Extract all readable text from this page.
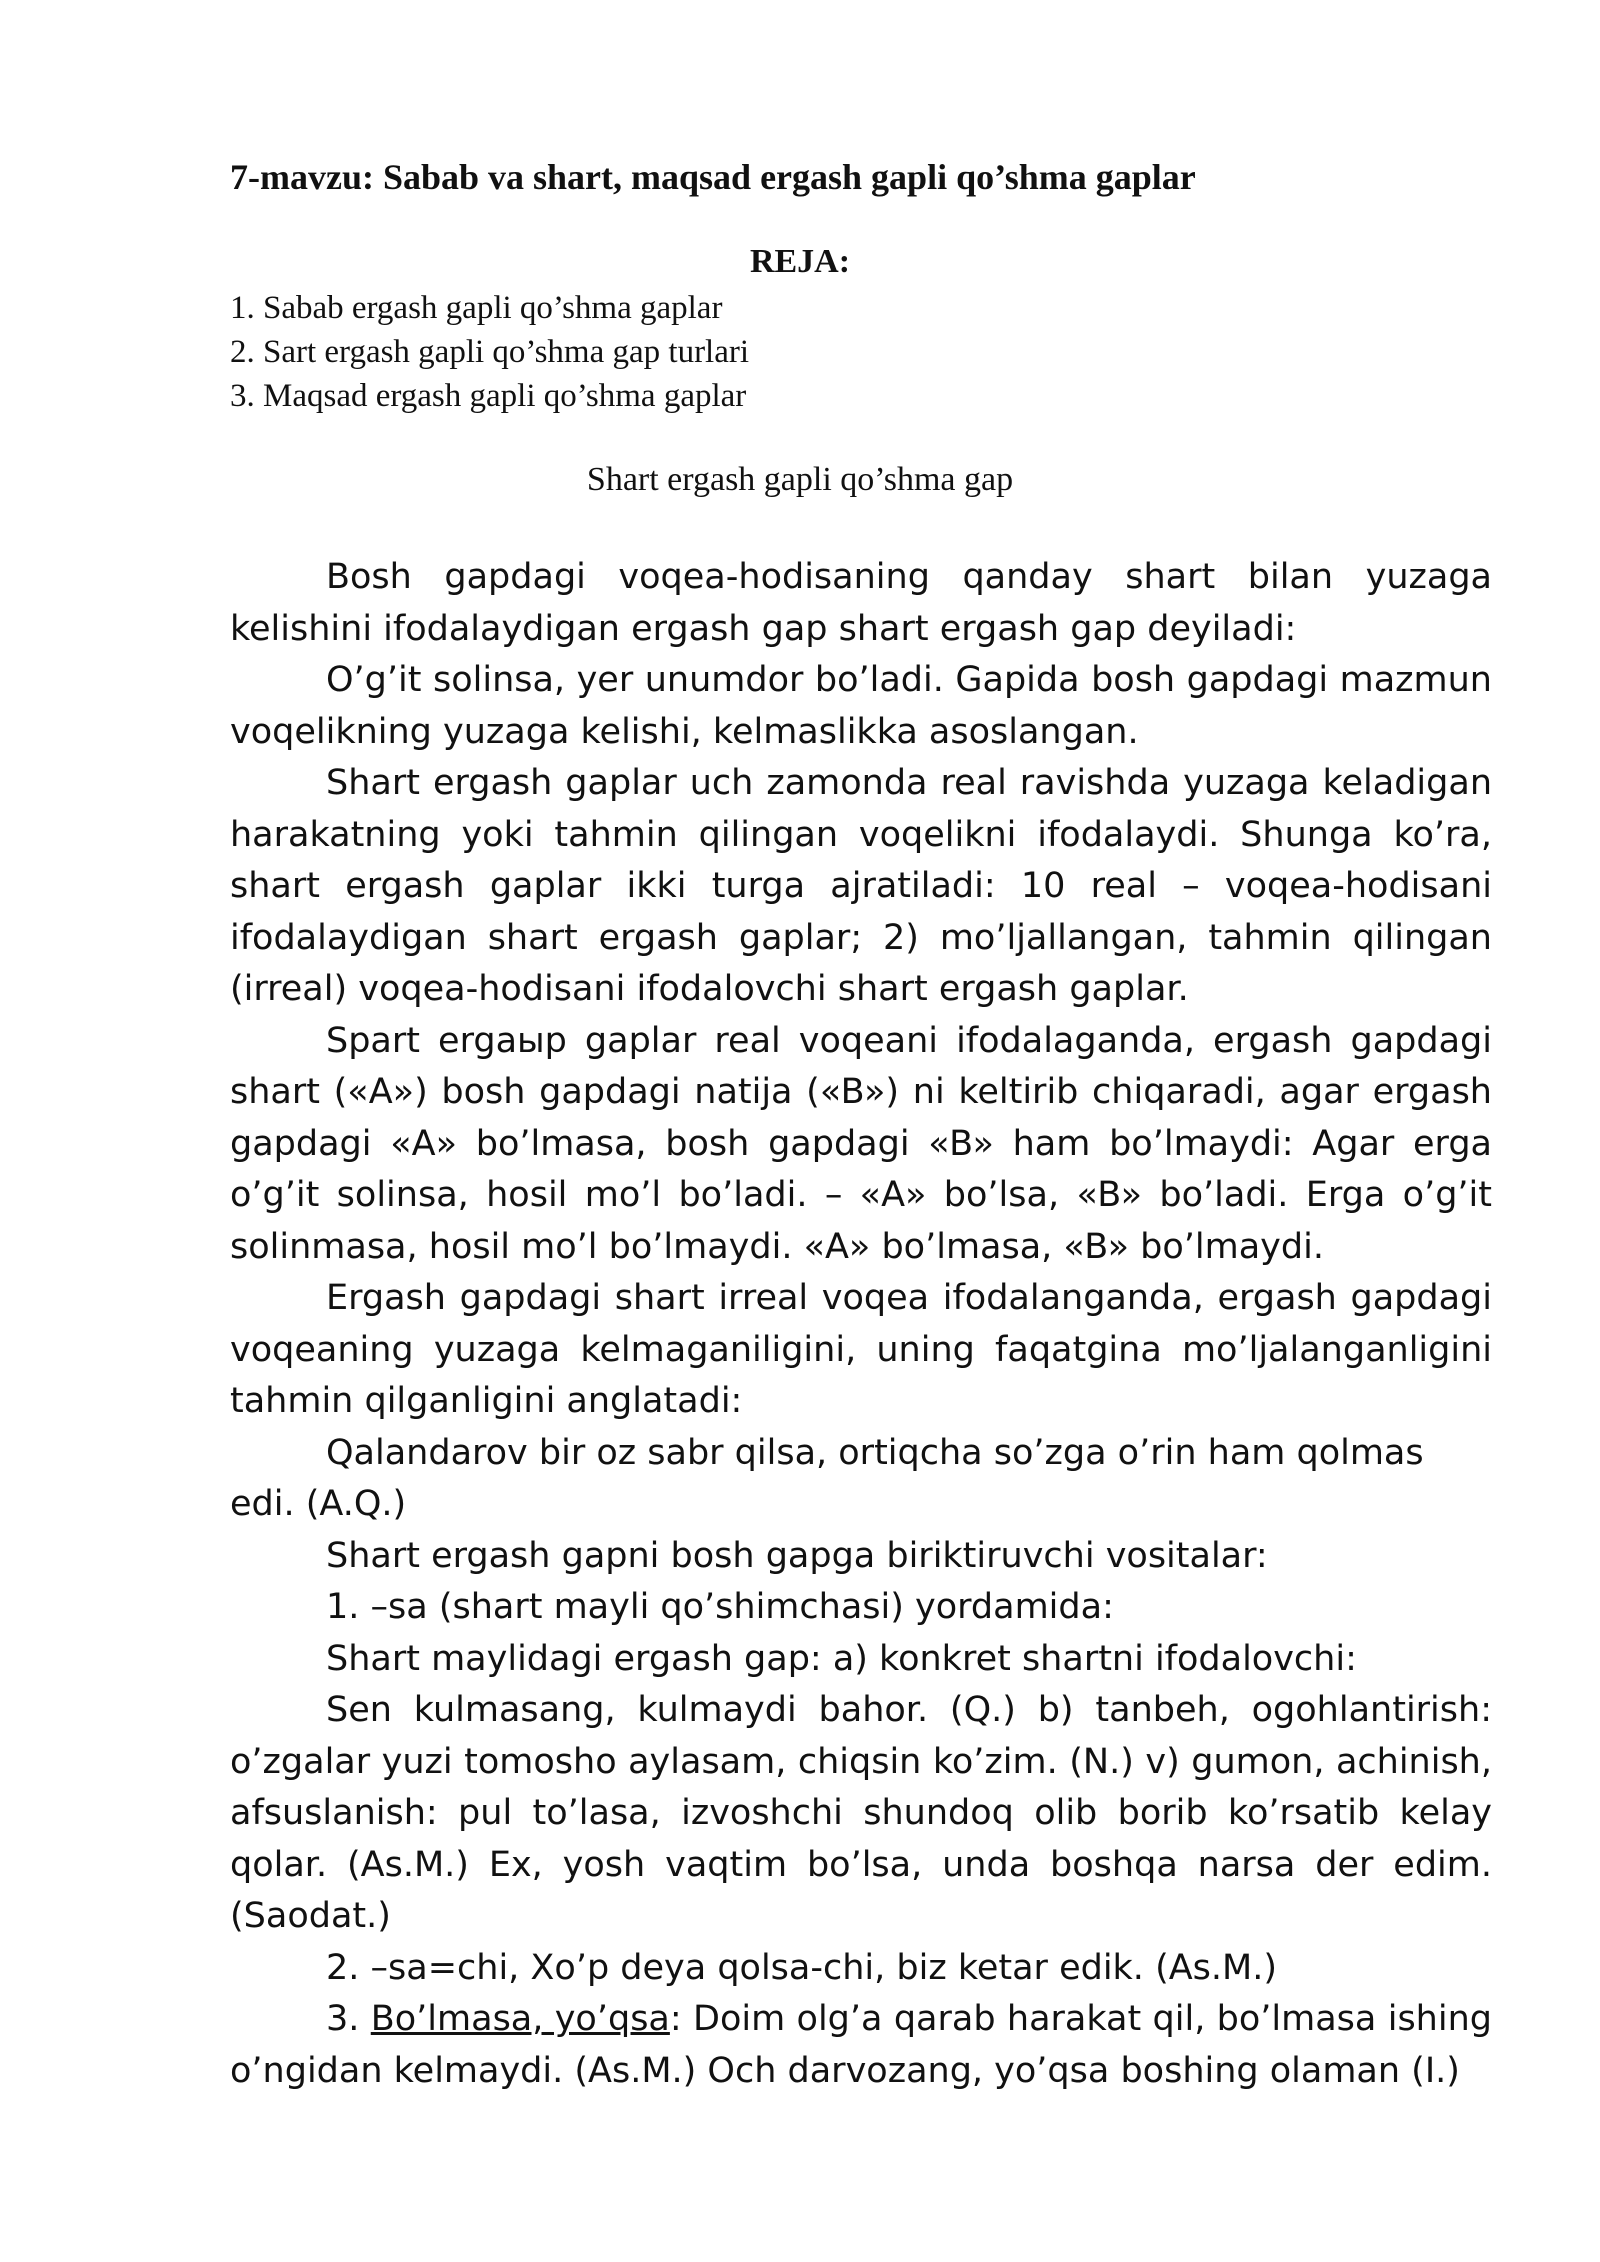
7-mavzu: Sabab va shart, maqsad ergash gapli qo’shma gaplar
REJA:
1. Sabab ergash gapli qo’shma gaplar
2. Sart ergash gapli qo’shma gap turlari
3. Maqsad ergash gapli qo’shma gaplar
Shart ergash gapli qo’shma gap

Bosh gapdagi voqea-hodisaning qanday shart bilan yuzaga kelishini ifodalaydigan ergash gap shart ergash gap deyiladi:

O’g’it solinsa, yer unumdor bo’ladi. Gapida bosh gapdagi mazmun voqelikning yuzaga kelishi, kelmaslikka asoslangan.

Shart ergash gaplar uch zamonda real ravishda yuzaga keladigan harakatning yoki tahmin qilingan voqelikni ifodalaydi. Shunga ko’ra, shart ergash gaplar ikki turga ajratiladi: 10 real – voqea-hodisani ifodalaydigan shart ergash gaplar; 2) mo’ljallangan, tahmin qilingan (irreal) voqea-hodisani ifodalovchi shart ergash gaplar.

Spart ergaыр gaplar real voqeani ifodalaganda, ergash gapdagi shart («A») bosh gapdagi natija («B») ni keltirib chiqaradi, agar ergash gapdagi «A» bo’lmasa, bosh gapdagi «B» ham bo’lmaydi: Agar erga o’g’it solinsa, hosil mo’l bo’ladi. – «A» bo’lsa, «B» bo’ladi. Erga o’g’it solinmasa, hosil mo’l bo’lmaydi. «A» bo’lmasa, «B» bo’lmaydi.

Ergash gapdagi shart irreal voqea ifodalanganda, ergash gapdagi voqeaning yuzaga kelmaganiligini, uning faqatgina mo’ljalanganligini tahmin qilganligini anglatadi:

Qalandarov bir oz sabr qilsa, ortiqcha so’zga o’rin ham qolmas edi. (A.Q.)

Shart ergash gapni bosh gapga biriktiruvchi vositalar:

1. –sa (shart mayli qo’shimchasi) yordamida:

Shart maylidagi ergash gap: a) konkret shartni ifodalovchi:

Sen kulmasang, kulmaydi bahor. (Q.) b) tanbeh, ogohlantirish: o’zgalar yuzi tomosho aylasam, chiqsin ko’zim. (N.) v) gumon, achinish, afsuslanish: pul to’lasa, izvoshchi shundoq olib borib ko’rsatib kelay qolar. (As.M.) Ex, yosh vaqtim bo’lsa, unda boshqa narsa der edim. (Saodat.)

2. –sa=chi, Xo’p deya qolsa-chi, biz ketar edik. (As.M.)

3. Bo’lmasa, yo’qsa: Doim olg’a qarab harakat qil, bo’lmasa ishing o’ngidan kelmaydi. (As.M.) Och darvozang, yo’qsa boshing olaman (I.)
